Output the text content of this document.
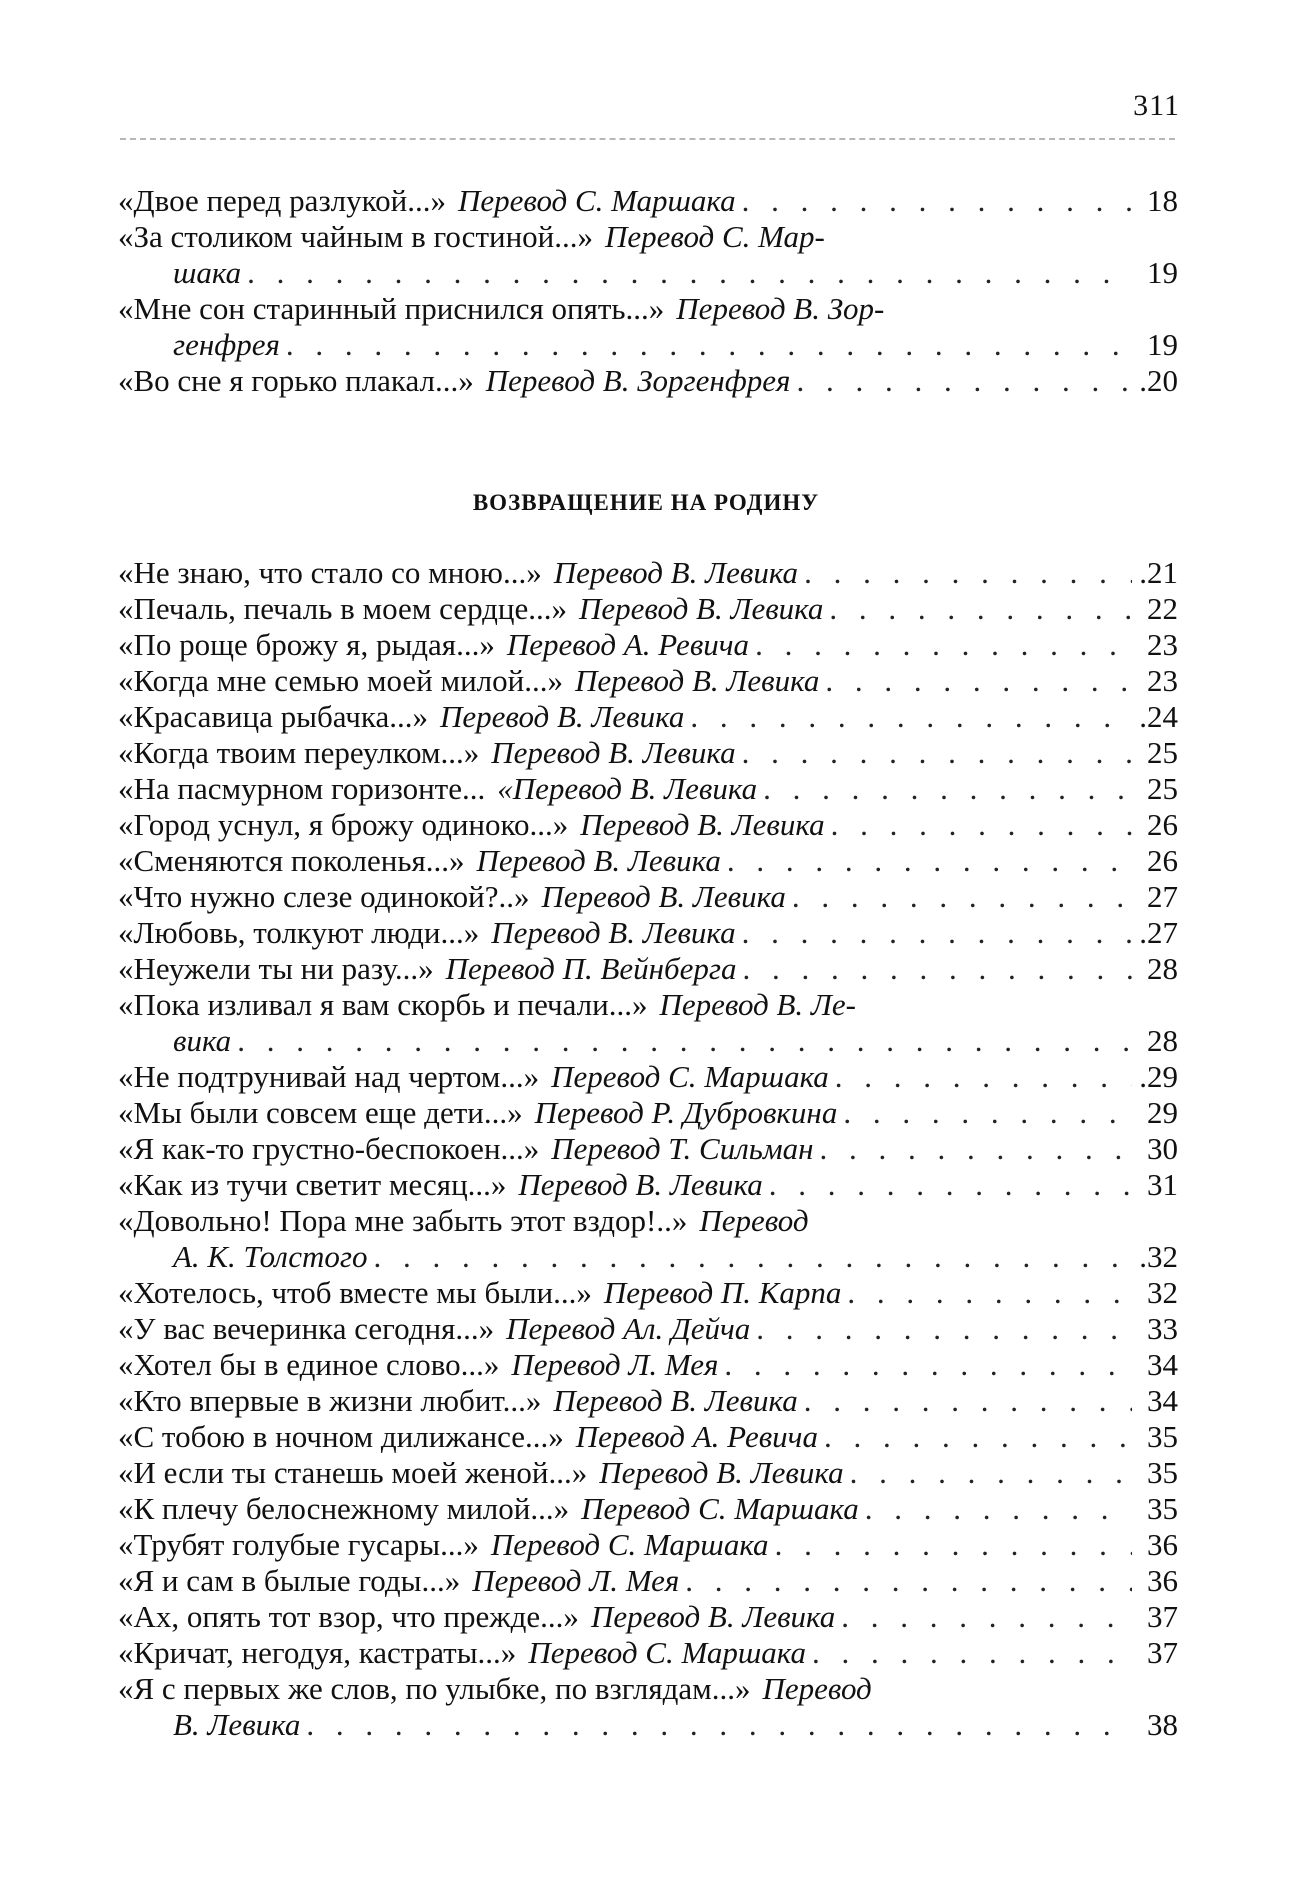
311
«Двое перед разлукой...» Перевод С. Маршака . . .	18
«За столиком чайным в гостиной...» Перевод С. Мар-
шака . . .	19
«Мне сон старинный приснился опять...» Перевод В. Зор-
генфрея . . .	19
«Во сне я горько плакал...» Перевод В. Зоргенфрея . . .	.20
ВОЗВРАЩЕНИЕ НА РОДИНУ
«Не знаю, что стало со мною...» Перевод В. Левика . . .	.21
«Печаль, печаль в моем сердце...» Перевод В. Левика . . .	22
«По роще брожу я, рыдая...» Перевод А. Ревича . . .	23
«Когда мне семью моей милой...» Перевод В. Левика . . .	23
«Красавица рыбачка...» Перевод В. Левика . . .	.24
«Когда твоим переулком...» Перевод В. Левика . . .	25
«На пасмурном горизонте... «Перевод В. Левика . . .	25
«Город уснул, я брожу одиноко...» Перевод В. Левика . . .	26
«Сменяются поколенья...» Перевод В. Левика . . .	26
«Что нужно слезе одинокой?..» Перевод В. Левика . . .	27
«Любовь, толкуют люди...» Перевод В. Левика . . .	.27
«Неужели ты ни разу...» Перевод П. Вейнберга . . .	28
«Пока изливал я вам скорбь и печали...» Перевод В. Ле-
вика . . .	28
«Не подтрунивай над чертом...» Перевод С. Маршака . . .	.29
«Мы были совсем еще дети...» Перевод Р. Дубровкина . . .	29
«Я как-то грустно-беспокоен...» Перевод Т. Сильман . . .	30
«Как из тучи светит месяц...» Перевод В. Левика . . .	31
«Довольно! Пора мне забыть этот вздор!..» Перевод
А. К. Толстого . . .	.32
«Хотелось, чтоб вместе мы были...» Перевод П. Карпа . . .	32
«У вас вечеринка сегодня...» Перевод Ал. Дейча . . .	33
«Хотел бы в единое слово...» Перевод Л. Мея . . .	34
«Кто впервые в жизни любит...» Перевод В. Левика . . .	34
«С тобою в ночном дилижансе...» Перевод А. Ревича . . .	35
«И если ты станешь моей женой...» Перевод В. Левика . . .	35
«К плечу белоснежному милой...» Перевод С. Маршака . . .	35
«Трубят голубые гусары...» Перевод С. Маршака . . .	36
«Я и сам в былые годы...» Перевод Л. Мея . . .	36
«Ах, опять тот взор, что прежде...» Перевод В. Левика . . .	37
«Кричат, негодуя, кастраты...» Перевод С. Маршака . . .	37
«Я с первых же слов, по улыбке, по взглядам...» Перевод
В. Левика . . .	38
